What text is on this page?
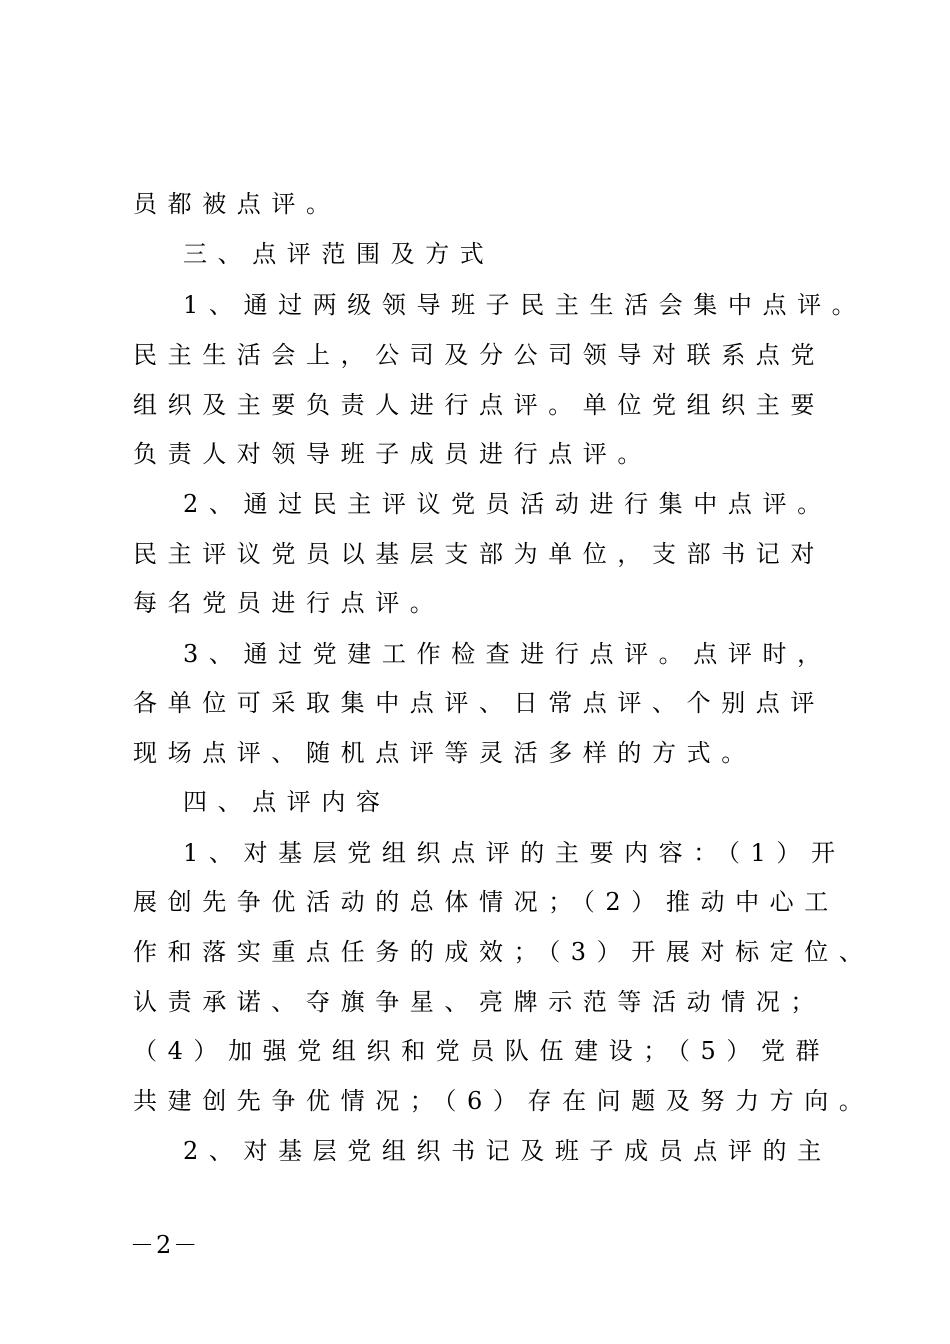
员都被点评。
三、点评范围及方式
1、通过两级领导班子民主生活会集中点评。
民主生活会上，公司及分公司领导对联系点党
组织及主要负责人进行点评。单位党组织主要
负责人对领导班子成员进行点评。
2、通过民主评议党员活动进行集中点评。
民主评议党员以基层支部为单位，支部书记对
每名党员进行点评。
3、通过党建工作检查进行点评。点评时，
各单位可采取集中点评、日常点评、个别点评
现场点评、随机点评等灵活多样的方式。
四、点评内容
1、对基层党组织点评的主要内容：（1）开
展创先争优活动的总体情况；（2）推动中心工
作和落实重点任务的成效；（3）开展对标定位、
认责承诺、夺旗争星、亮牌示范等活动情况；
（4）加强党组织和党员队伍建设；（5）党群
共建创先争优情况；（6）存在问题及努力方向。
2、对基层党组织书记及班子成员点评的主
－2－
